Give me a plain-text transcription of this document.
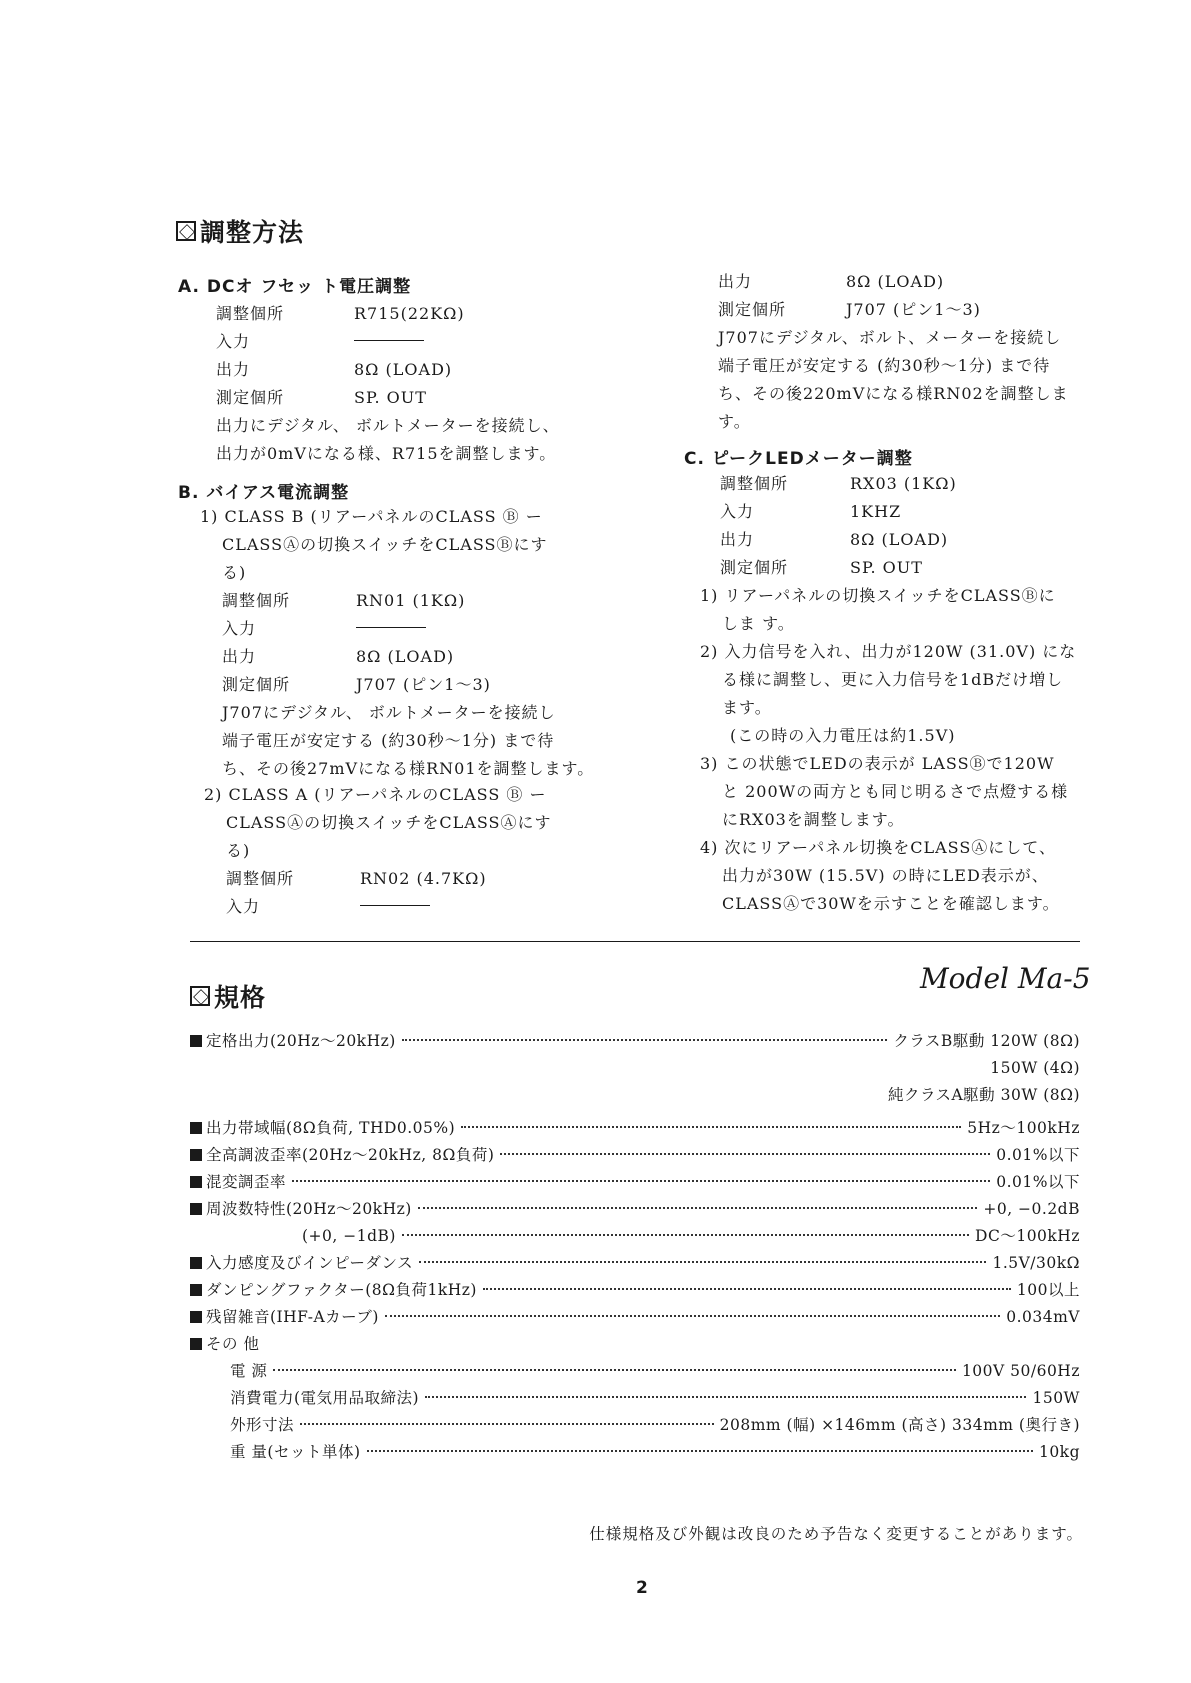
調整方法
A. DCオ フセッ ト電圧調整
調整個所	R715(22KΩ)
入力
出力	8Ω (LOAD)
測定個所	SP. OUT
出力にデジタル、 ボルトメーターを接続し、
出力が0mVになる様、R715を調整します。
B. バイアス電流調整
1) CLASS B (リアーパネルのCLASS Ⓑ ー
CLASSⒶの切換スイッチをCLASSⒷにす
る)
調整個所	RN01 (1KΩ)
入力
出力	8Ω (LOAD)
測定個所	J707 (ピン1～3)
J707にデジタル、 ボルトメーターを接続し
端子電圧が安定する (約30秒～1分) まで待
ち、その後27mVになる様RN01を調整します。
2) CLASS A (リアーパネルのCLASS Ⓑ ー
CLASSⒶの切換スイッチをCLASSⒶにす
る)
調整個所	RN02 (4.7KΩ)
入力
出力	8Ω (LOAD)
測定個所	J707 (ピン1～3)
J707にデジタル、ボルト、メーターを接続し
端子電圧が安定する (約30秒～1分) まで待
ち、その後220mVになる様RN02を調整しま
す。
C. ピークLEDメーター調整
調整個所	RX03 (1KΩ)
入力	1KHZ
出力	8Ω (LOAD)
測定個所	SP. OUT
1) リアーパネルの切換スイッチをCLASSⒷに
しま す。
2) 入力信号を入れ、出力が120W (31.0V) にな
る様に調整し、更に入力信号を1dBだけ増し
ます。
(この時の入力電圧は約1.5V)
3) この状態でLEDの表示が LASSⒷで120W
と 200Wの両方とも同じ明るさで点燈する様
にRX03を調整します。
4) 次にリアーパネル切換をCLASSⒶにして、
出力が30W (15.5V) の時にLED表示が、
CLASSⒶで30Wを示すことを確認します。
規格
Model Ma-5
定格出力(20Hz～20kHz)	クラスB駆動 120W (8Ω)
150W (4Ω)
純クラスA駆動 30W (8Ω)
出力帯域幅(8Ω負荷, THD0.05%)	5Hz～100kHz
全高調波歪率(20Hz～20kHz, 8Ω負荷)	0.01%以下
混変調歪率	0.01%以下
周波数特性(20Hz～20kHz)	+0, −0.2dB
(+0, −1dB)	DC～100kHz
入力感度及びインピーダンス	1.5V/30kΩ
ダンピングファクター(8Ω負荷1kHz)	100以上
残留雑音(IHF-Aカーブ)	0.034mV
その 他
電 源	100V 50/60Hz
消費電力(電気用品取締法)	150W
外形寸法	208mm (幅) ×146mm (高さ) 334mm (奥行き)
重 量(セット単体)	10kg
仕様規格及び外観は改良のため予告なく変更することがあります。
2
